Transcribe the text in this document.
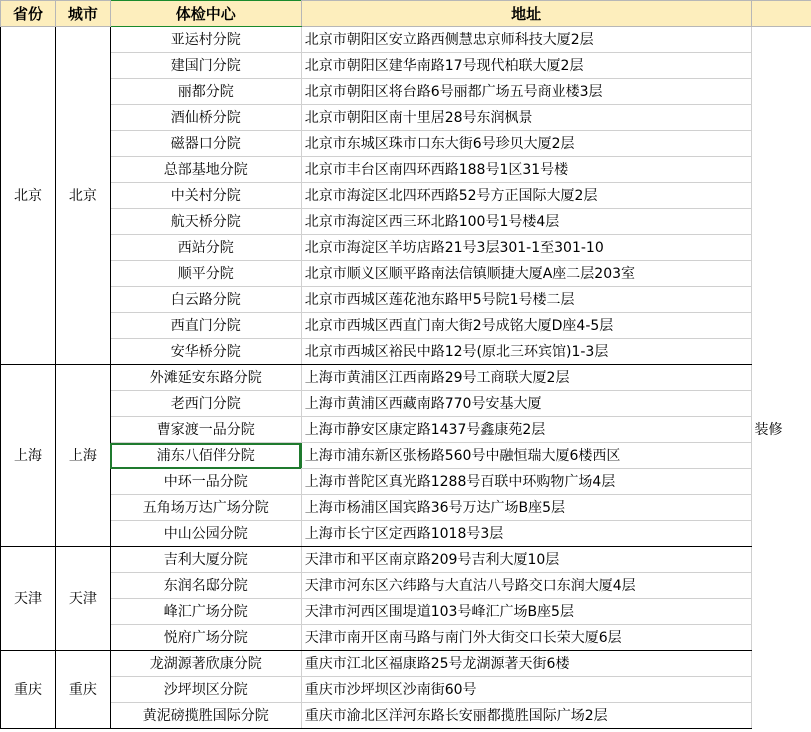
省份	城市	体检中心	地址	
北京	北京	亚运村分院	北京市朝阳区安立路西侧慧忠京师科技大厦2层	
		建国门分院	北京市朝阳区建华南路17号现代柏联大厦2层	
		丽都分院	北京市朝阳区将台路6号丽都广场五号商业楼3层	
		酒仙桥分院	北京市朝阳区南十里居28号东润枫景	
		磁器口分院	北京市东城区珠市口东大街6号珍贝大厦2层	
		总部基地分院	北京市丰台区南四环西路188号1区31号楼	
		中关村分院	北京市海淀区北四环西路52号方正国际大厦2层	
		航天桥分院	北京市海淀区西三环北路100号1号楼4层	
		西站分院	北京市海淀区羊坊店路21号3层301-1至301-10	
		顺平分院	北京市顺义区顺平路南法信镇顺捷大厦A座二层203室	
		白云路分院	北京市西城区莲花池东路甲5号院1号楼二层	
		西直门分院	北京市西城区西直门南大街2号成铭大厦D座4-5层	
		安华桥分院	北京市西城区裕民中路12号(原北三环宾馆)1-3层	
上海	上海	外滩延安东路分院	上海市黄浦区江西南路29号工商联大厦2层	
		老西门分院	上海市黄浦区西藏南路770号安基大厦	
		曹家渡一品分院	上海市静安区康定路1437号鑫康苑2层	装修
		浦东八佰伴分院	上海市浦东新区张杨路560号中融恒瑞大厦6楼西区	
		中环一品分院	上海市普陀区真光路1288号百联中环购物广场4层	
		五角场万达广场分院	上海市杨浦区国宾路36号万达广场B座5层	
		中山公园分院	上海市长宁区定西路1018号3层	
天津	天津	吉利大厦分院	天津市和平区南京路209号吉利大厦10层	
		东润名邸分院	天津市河东区六纬路与大直沽八号路交口东润大厦4层	
		峰汇广场分院	天津市河西区围堤道103号峰汇广场B座5层	
		悦府广场分院	天津市南开区南马路与南门外大街交口长荣大厦6层	
重庆	重庆	龙湖源著欣康分院	重庆市江北区福康路25号龙湖源著天街6楼	
		沙坪坝区分院	重庆市沙坪坝区沙南街60号	
		黄泥磅揽胜国际分院	重庆市渝北区洋河东路长安丽都揽胜国际广场2层	
